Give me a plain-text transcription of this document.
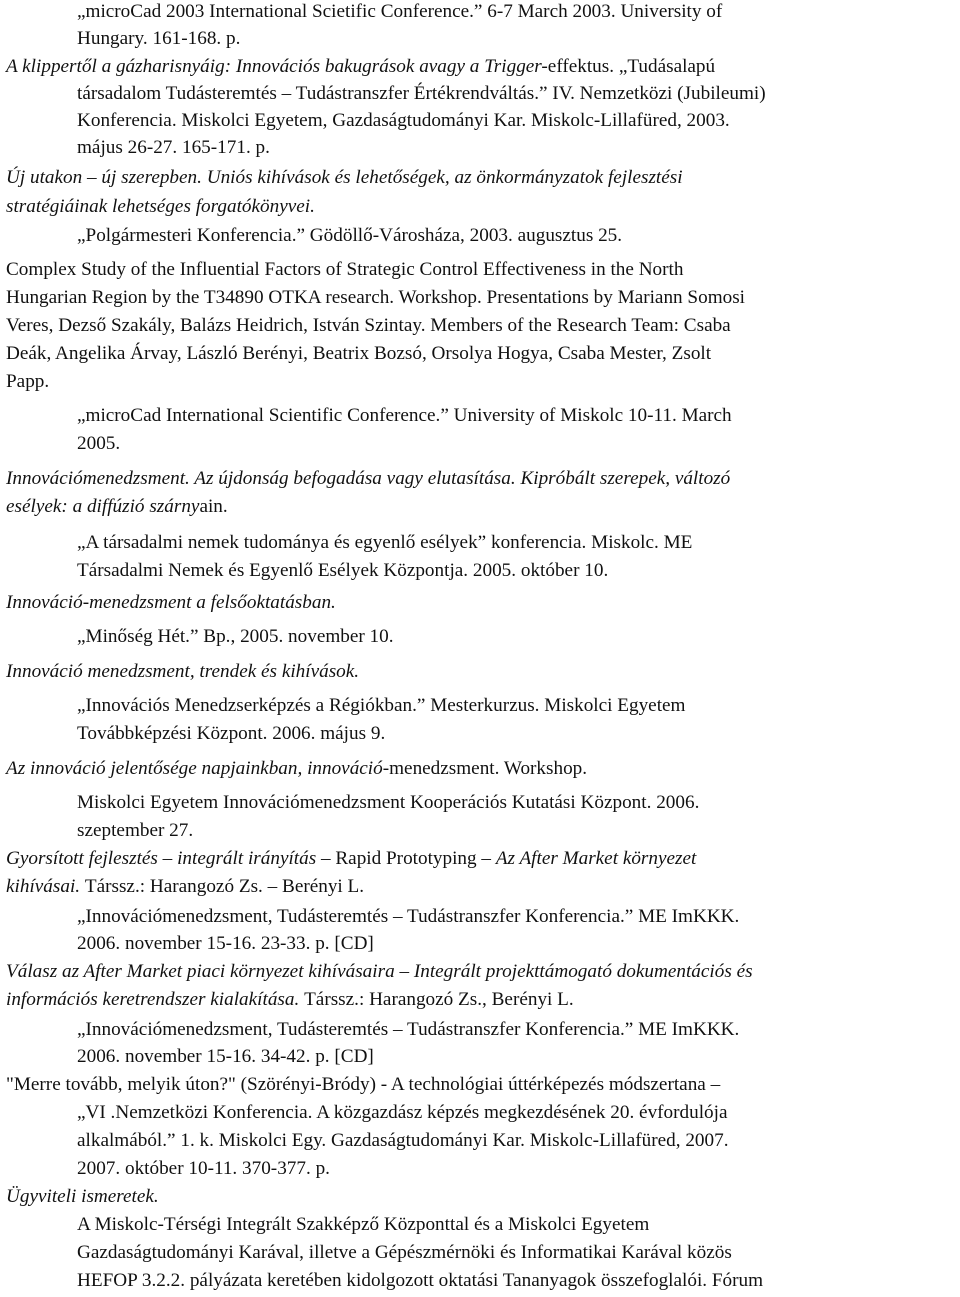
„microCad 2003 International Scietific Conference.” 6-7 March 2003. University of
Hungary. 161-168. p.
A klippertől a gázharisnyáig: Innovációs bakugrások avagy a Trigger-effektus. „Tudásalapú
társadalom Tudásteremtés – Tudástranszfer Értékrendváltás.” IV. Nemzetközi (Jubileumi)
Konferencia. Miskolci Egyetem, Gazdaságtudományi Kar. Miskolc-Lillafüred, 2003.
május 26-27. 165-171. p.
Új utakon – új szerepben. Uniós kihívások és lehetőségek, az önkormányzatok fejlesztési
stratégiáinak lehetséges forgatókönyvei.
„Polgármesteri Konferencia.” Gödöllő-Városháza, 2003. augusztus 25.
Complex Study of the Influential Factors of Strategic Control Effectiveness in the North
Hungarian Region by the T34890 OTKA research. Workshop. Presentations by Mariann Somosi
Veres, Dezső Szakály, Balázs Heidrich, István Szintay. Members of the Research Team: Csaba
Deák, Angelika Árvay, László Berényi, Beatrix Bozsó, Orsolya Hogya, Csaba Mester, Zsolt
Papp.
„microCad International Scientific Conference.” University of Miskolc 10-11. March
2005.
Innovációmenedzsment. Az újdonság befogadása vagy elutasítása. Kipróbált szerepek, változó
esélyek: a diffúzió szárnyain.
„A társadalmi nemek tudománya és egyenlő esélyek” konferencia. Miskolc. ME
Társadalmi Nemek és Egyenlő Esélyek Központja. 2005. október 10.
Innováció-menedzsment a felsőoktatásban.
„Minőség Hét.” Bp., 2005. november 10.
Innováció menedzsment, trendek és kihívások.
„Innovációs Menedzserképzés a Régiókban.” Mesterkurzus. Miskolci Egyetem
Továbbképzési Központ. 2006. május 9.
Az innováció jelentősége napjainkban, innováció-menedzsment. Workshop.
Miskolci Egyetem Innovációmenedzsment Kooperációs Kutatási Központ. 2006.
szeptember 27.
Gyorsított fejlesztés – integrált irányítás – Rapid Prototyping – Az After Market környezet
kihívásai. Társsz.: Harangozó Zs. – Berényi L.
„Innovációmenedzsment, Tudásteremtés – Tudástranszfer Konferencia.” ME ImKKK.
2006. november 15-16. 23-33. p. [CD]
Válasz az After Market piaci környezet kihívásaira – Integrált projekttámogató dokumentációs és
információs keretrendszer kialakítása. Társsz.: Harangozó Zs., Berényi L.
„Innovációmenedzsment, Tudásteremtés – Tudástranszfer Konferencia.” ME ImKKK.
2006. november 15-16. 34-42. p. [CD]
"Merre tovább, melyik úton?" (Szörényi-Bródy) - A technológiai úttérképezés módszertana –
„VI .Nemzetközi Konferencia. A közgazdász képzés megkezdésének 20. évfordulója
alkalmából.” 1. k. Miskolci Egy. Gazdaságtudományi Kar. Miskolc-Lillafüred, 2007.
2007. október 10-11. 370-377. p.
Ügyviteli ismeretek.
A Miskolc-Térségi Integrált Szakképző Központtal és a Miskolci Egyetem
Gazdaságtudományi Karával, illetve a Gépészmérnöki és Informatikai Karával közös
HEFOP 3.2.2. pályázata keretében kidolgozott oktatási Tananyagok összefoglalói. Fórum
